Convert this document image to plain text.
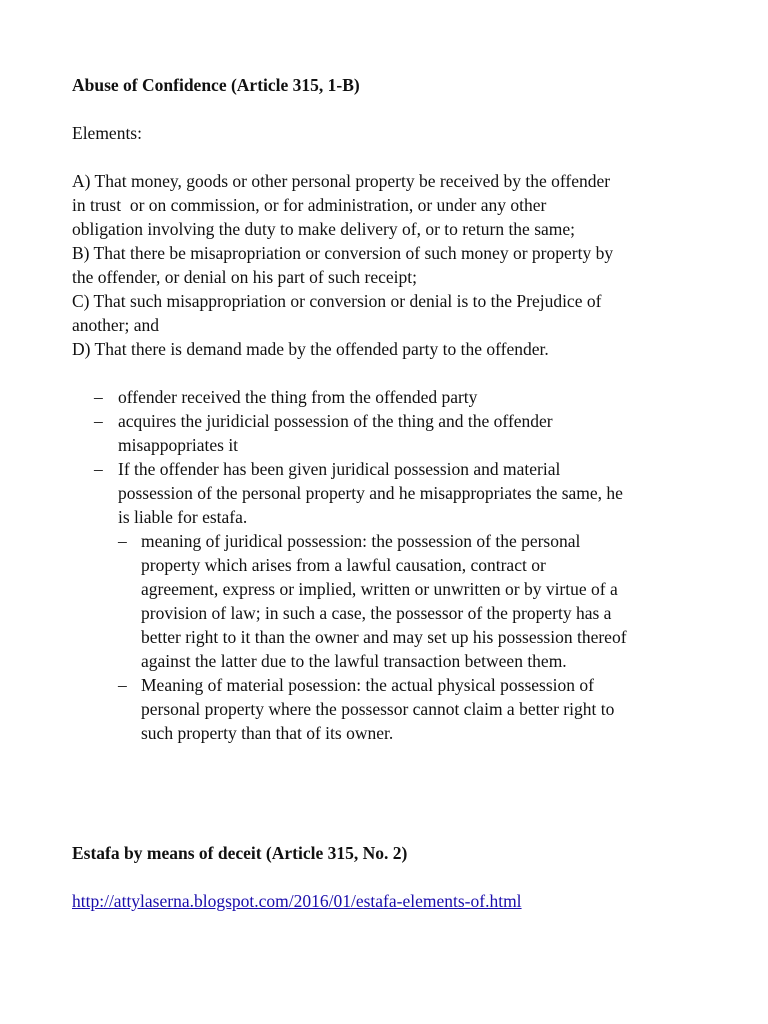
Abuse of Confidence (Article 315, 1-B)
Elements:
A) That money, goods or other personal property be received by the offender
in trust  or on commission, or for administration, or under any other
obligation involving the duty to make delivery of, or to return the same;
B) That there be misapropriation or conversion of such money or property by
the offender, or denial on his part of such receipt;
C) That such misappropriation or conversion or denial is to the Prejudice of
another; and
D) That there is demand made by the offended party to the offender.
– offender received the thing from the offended party
– acquires the juridicial possession of the thing and the offender
misappopriates it
– If the offender has been given juridical possession and material
possession of the personal property and he misappropriates the same, he
is liable for estafa.
– meaning of juridical possession: the possession of the personal
property which arises from a lawful causation, contract or
agreement, express or implied, written or unwritten or by virtue of a
provision of law; in such a case, the possessor of the property has a
better right to it than the owner and may set up his possession thereof
against the latter due to the lawful transaction between them.
– Meaning of material posession: the actual physical possession of
personal property where the possessor cannot claim a better right to
such property than that of its owner.
Estafa by means of deceit (Article 315, No. 2)
http://attylaserna.blogspot.com/2016/01/estafa-elements-of.html
